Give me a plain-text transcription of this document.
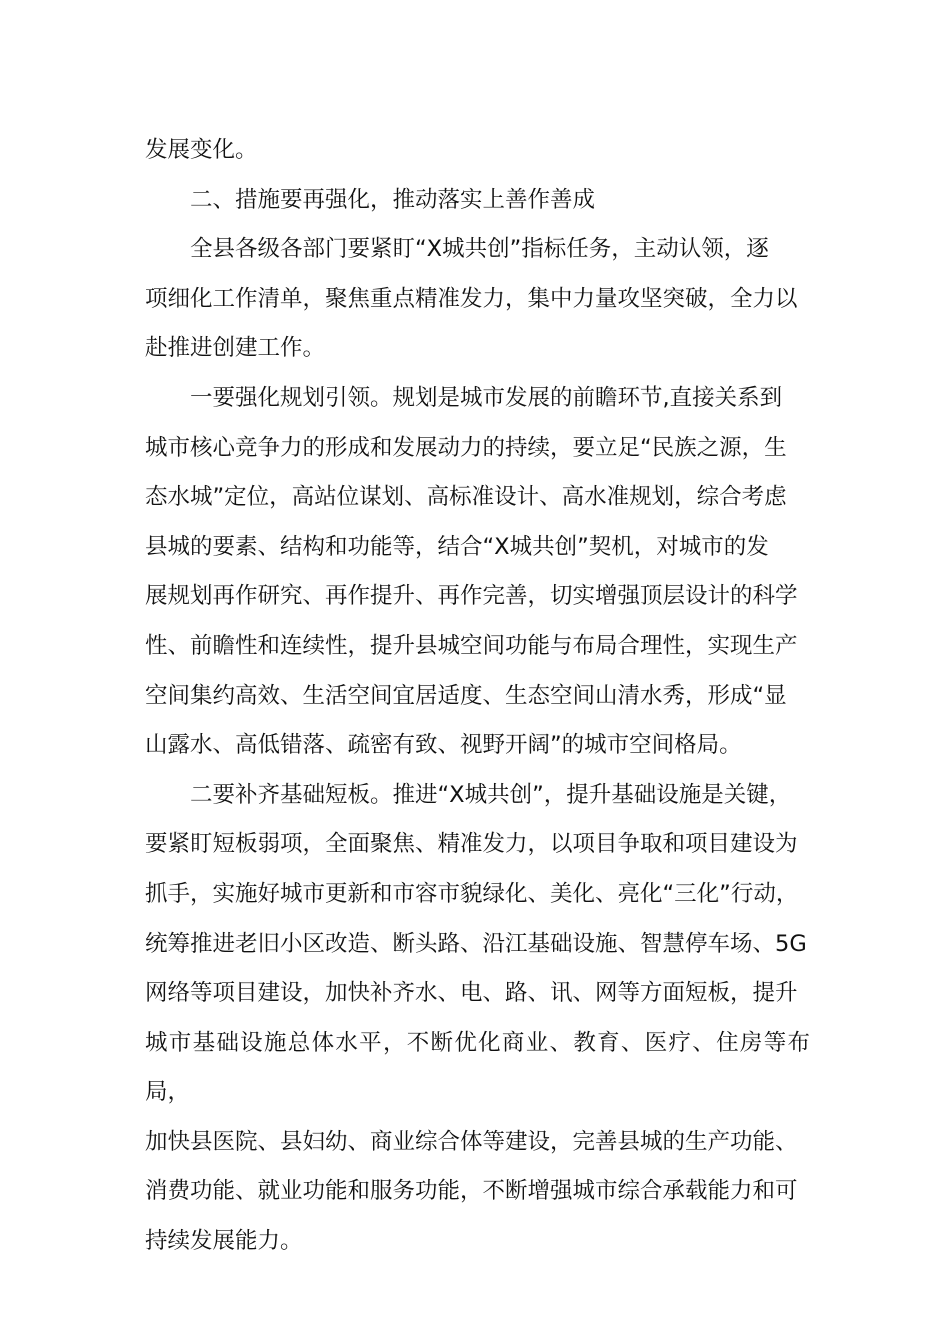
发展变化。

二、措施要再强化，推动落实上善作善成

全县各级各部门要紧盯“X城共创”指标任务，主动认领，逐
项细化工作清单，聚焦重点精准发力，集中力量攻坚突破，全力以
赴推进创建工作。

一要强化规划引领。规划是城市发展的前瞻环节,直接关系到
城市核心竞争力的形成和发展动力的持续，要立足“民族之源，生
态水城”定位，高站位谋划、高标准设计、高水准规划，综合考虑
县城的要素、结构和功能等，结合“X城共创”契机，对城市的发
展规划再作研究、再作提升、再作完善，切实增强顶层设计的科学
性、前瞻性和连续性，提升县城空间功能与布局合理性，实现生产
空间集约高效、生活空间宜居适度、生态空间山清水秀，形成“显
山露水、高低错落、疏密有致、视野开阔”的城市空间格局。

二要补齐基础短板。推进“X城共创”，提升基础设施是关键，
要紧盯短板弱项，全面聚焦、精准发力，以项目争取和项目建设为
抓手，实施好城市更新和市容市貌绿化、美化、亮化“三化”行动，
统筹推进老旧小区改造、断头路、沿江基础设施、智慧停车场、5G
网络等项目建设，加快补齐水、电、路、讯、网等方面短板，提升
城市基础设施总体水平，不断优化商业、教育、医疗、住房等布局，
加快县医院、县妇幼、商业综合体等建设，完善县城的生产功能、
消费功能、就业功能和服务功能，不断增强城市综合承载能力和可
持续发展能力。
